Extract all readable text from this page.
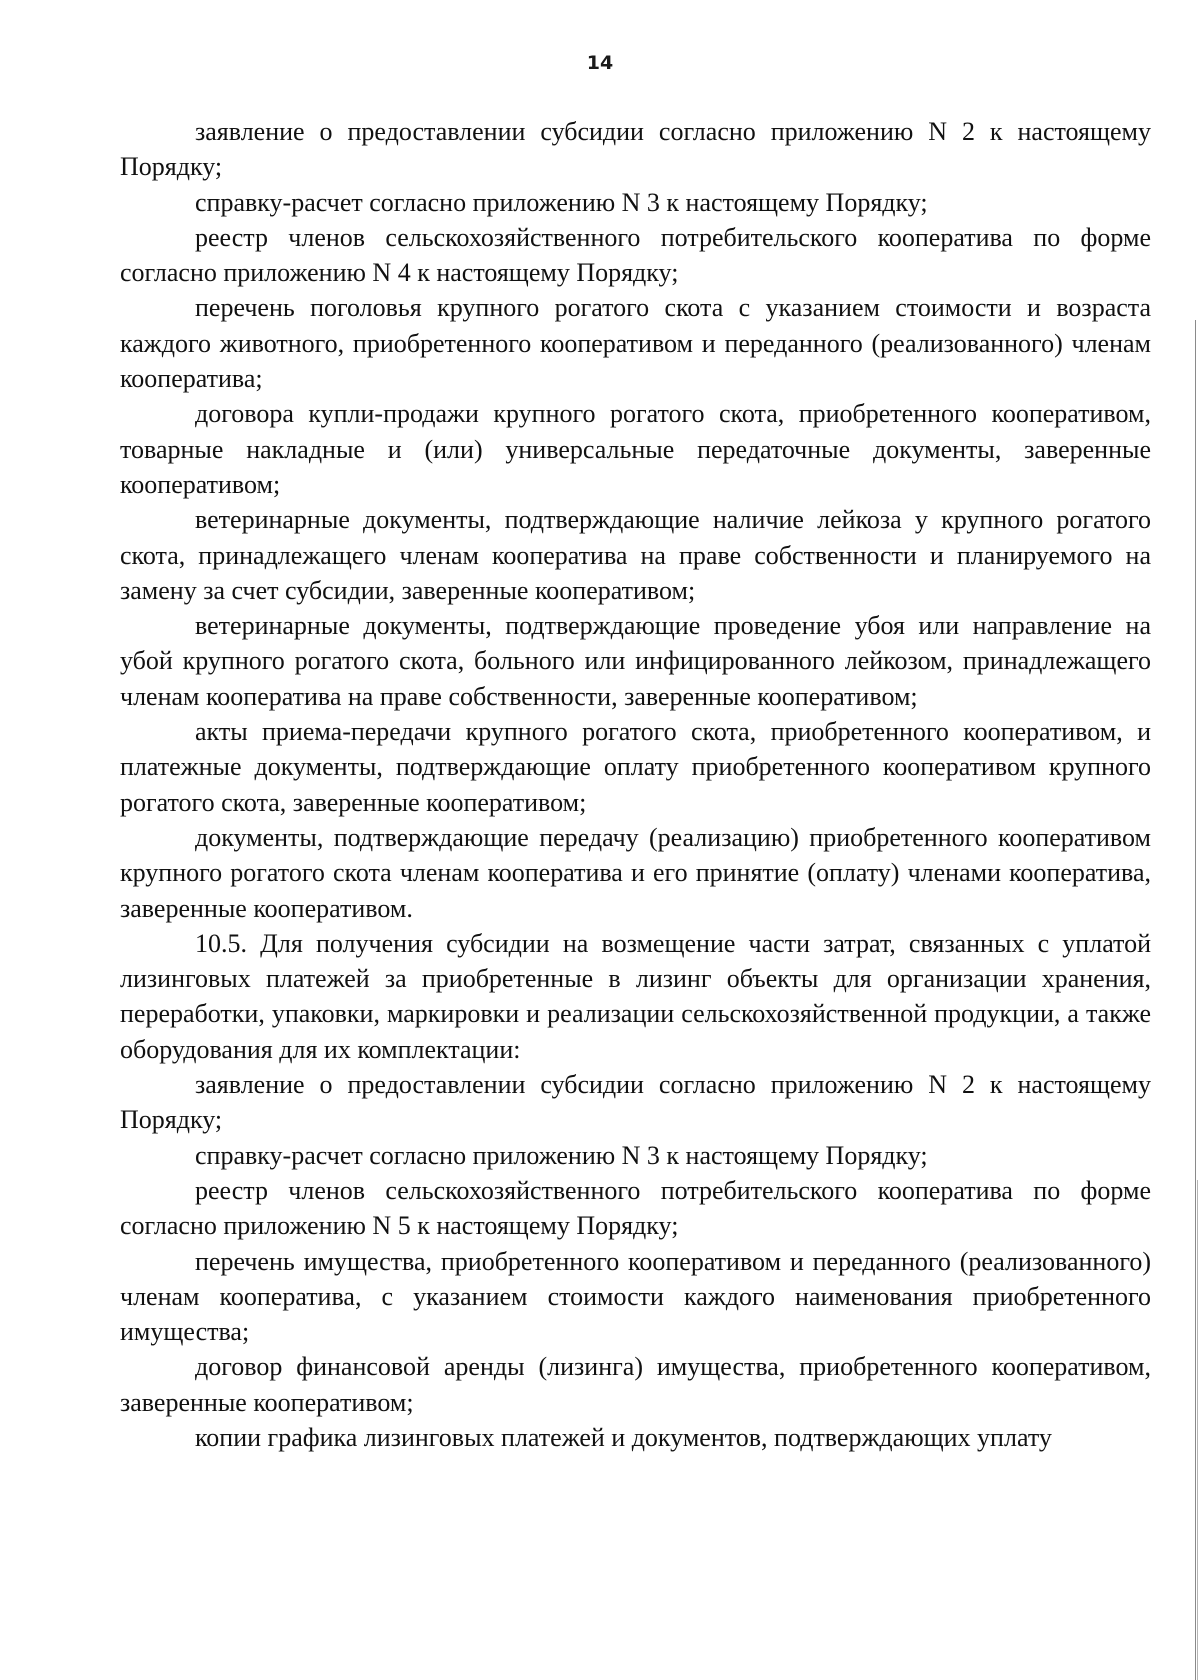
14

заявление о предоставлении субсидии согласно приложению N 2 к настоящему Порядку;

справку-расчет согласно приложению N 3 к настоящему Порядку;

реестр членов сельскохозяйственного потребительского кооператива по форме согласно приложению N 4 к настоящему Порядку;

перечень поголовья крупного рогатого скота с указанием стоимости и возраста каждого животного, приобретенного кооперативом и переданного (реализованного) членам кооператива;

договора купли-продажи крупного рогатого скота, приобретенного кооперативом, товарные накладные и (или) универсальные передаточные документы, заверенные кооперативом;

ветеринарные документы, подтверждающие наличие лейкоза у крупного рогатого скота, принадлежащего членам кооператива на праве собственности и планируемого на замену за счет субсидии, заверенные кооперативом;

ветеринарные документы, подтверждающие проведение убоя или направление на убой крупного рогатого скота, больного или инфицированного лейкозом, принадлежащего членам кооператива на праве собственности, заверенные кооперативом;

акты приема-передачи крупного рогатого скота, приобретенного кооперативом, и платежные документы, подтверждающие оплату приобретенного кооперативом крупного рогатого скота, заверенные кооперативом;

документы, подтверждающие передачу (реализацию) приобретенного кооперативом крупного рогатого скота членам кооператива и его принятие (оплату) членами кооператива, заверенные кооперативом.

10.5. Для получения субсидии на возмещение части затрат, связанных с уплатой лизинговых платежей за приобретенные в лизинг объекты для организации хранения, переработки, упаковки, маркировки и реализации сельскохозяйственной продукции, а также оборудования для их комплектации:

заявление о предоставлении субсидии согласно приложению N 2 к настоящему Порядку;

справку-расчет согласно приложению N 3 к настоящему Порядку;

реестр членов сельскохозяйственного потребительского кооператива по форме согласно приложению N 5 к настоящему Порядку;

перечень имущества, приобретенного кооперативом и переданного (реализованного) членам кооператива, с указанием стоимости каждого наименования приобретенного имущества;

договор финансовой аренды (лизинга) имущества, приобретенного кооперативом, заверенные кооперативом;

копии графика лизинговых платежей и документов, подтверждающих уплату
